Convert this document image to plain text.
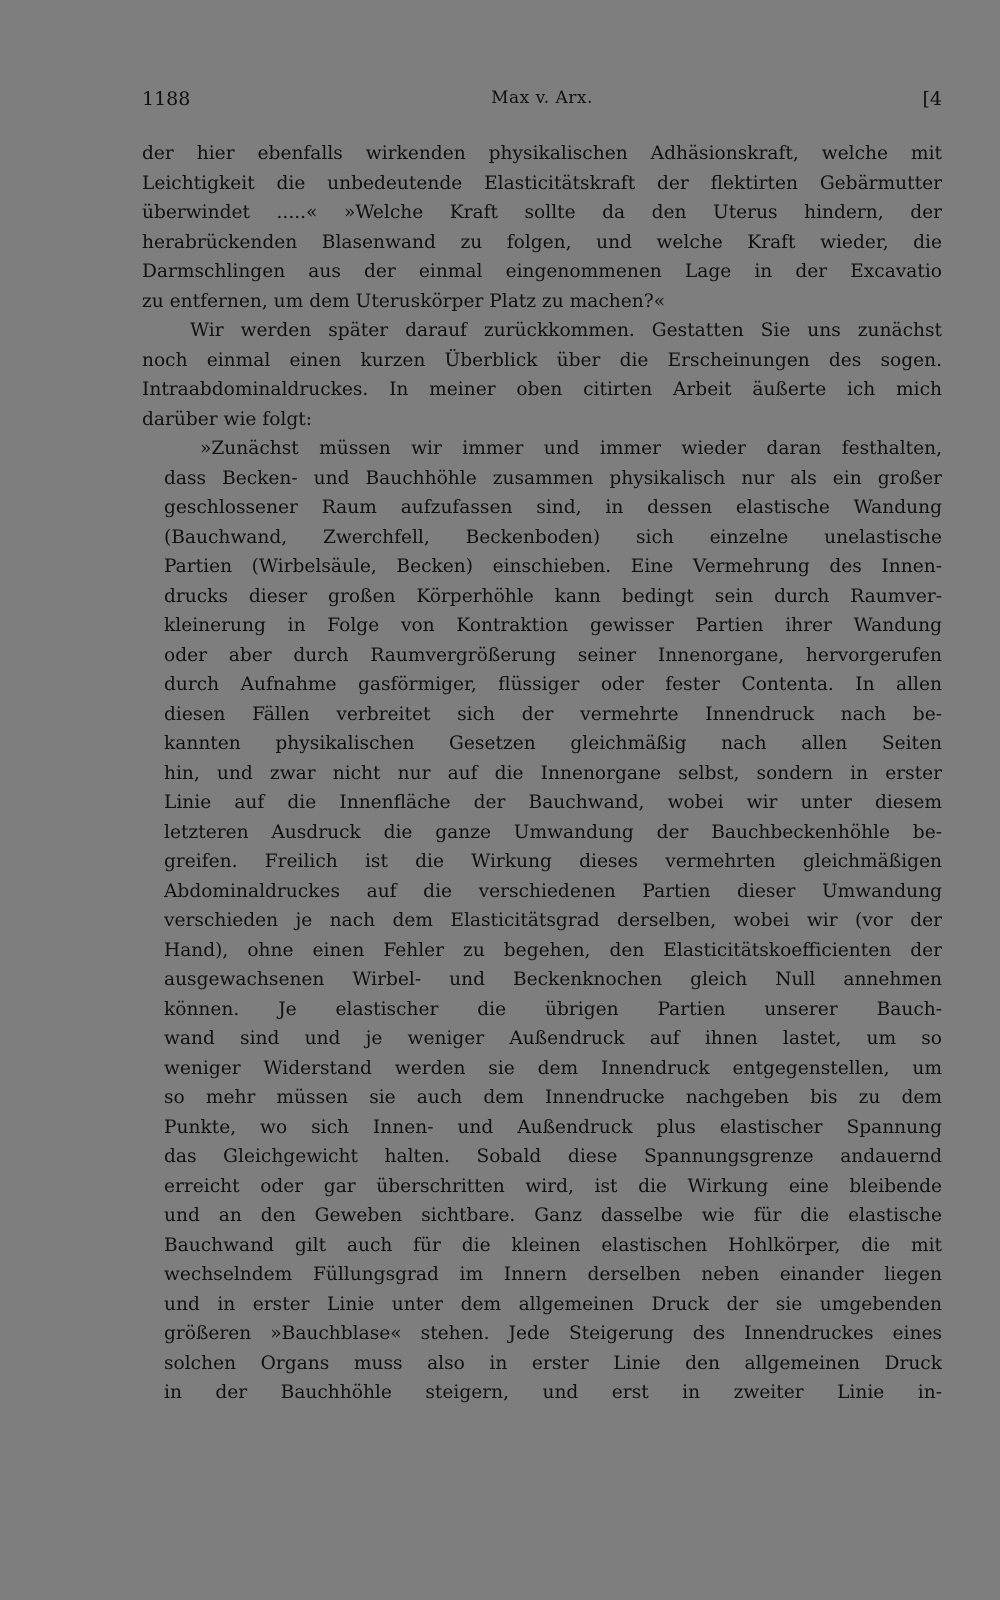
1188	Max v. Arx.	[4
der hier ebenfalls wirkenden physikalischen Adhäsionskraft, welche mit
Leichtigkeit die unbedeutende Elasticitätskraft der flektirten Gebärmutter
überwindet .....« »Welche Kraft sollte da den Uterus hindern, der
herabrückenden Blasenwand zu folgen, und welche Kraft wieder, die
Darmschlingen aus der einmal eingenommenen Lage in der Excavatio
zu entfernen, um dem Uteruskörper Platz zu machen?«
Wir werden später darauf zurückkommen. Gestatten Sie uns zunächst
noch einmal einen kurzen Überblick über die Erscheinungen des sogen.
Intraabdominaldruckes. In meiner oben citirten Arbeit äußerte ich mich
darüber wie folgt:
»Zunächst müssen wir immer und immer wieder daran festhalten,
dass Becken- und Bauchhöhle zusammen physikalisch nur als ein großer
geschlossener Raum aufzufassen sind, in dessen elastische Wandung
(Bauchwand, Zwerchfell, Beckenboden) sich einzelne unelastische
Partien (Wirbelsäule, Becken) einschieben. Eine Vermehrung des Innen-
drucks dieser großen Körperhöhle kann bedingt sein durch Raumver-
kleinerung in Folge von Kontraktion gewisser Partien ihrer Wandung
oder aber durch Raumvergrößerung seiner Innenorgane, hervorgerufen
durch Aufnahme gasförmiger, flüssiger oder fester Contenta. In allen
diesen Fällen verbreitet sich der vermehrte Innendruck nach be-
kannten physikalischen Gesetzen gleichmäßig nach allen Seiten
hin, und zwar nicht nur auf die Innenorgane selbst, sondern in erster
Linie auf die Innenfläche der Bauchwand, wobei wir unter diesem
letzteren Ausdruck die ganze Umwandung der Bauchbeckenhöhle be-
greifen. Freilich ist die Wirkung dieses vermehrten gleichmäßigen
Abdominaldruckes auf die verschiedenen Partien dieser Umwandung
verschieden je nach dem Elasticitätsgrad derselben, wobei wir (vor der
Hand), ohne einen Fehler zu begehen, den Elasticitätskoefficienten der
ausgewachsenen Wirbel- und Beckenknochen gleich Null annehmen
können. Je elastischer die übrigen Partien unserer Bauch-
wand sind und je weniger Außendruck auf ihnen lastet, um so
weniger Widerstand werden sie dem Innendruck entgegenstellen, um
so mehr müssen sie auch dem Innendrucke nachgeben bis zu dem
Punkte, wo sich Innen- und Außendruck plus elastischer Spannung
das Gleichgewicht halten. Sobald diese Spannungsgrenze andauernd
erreicht oder gar überschritten wird, ist die Wirkung eine bleibende
und an den Geweben sichtbare. Ganz dasselbe wie für die elastische
Bauchwand gilt auch für die kleinen elastischen Hohlkörper, die mit
wechselndem Füllungsgrad im Innern derselben neben einander liegen
und in erster Linie unter dem allgemeinen Druck der sie umgebenden
größeren »Bauchblase« stehen. Jede Steigerung des Innendruckes eines
solchen Organs muss also in erster Linie den allgemeinen Druck
in der Bauchhöhle steigern, und erst in zweiter Linie in-
